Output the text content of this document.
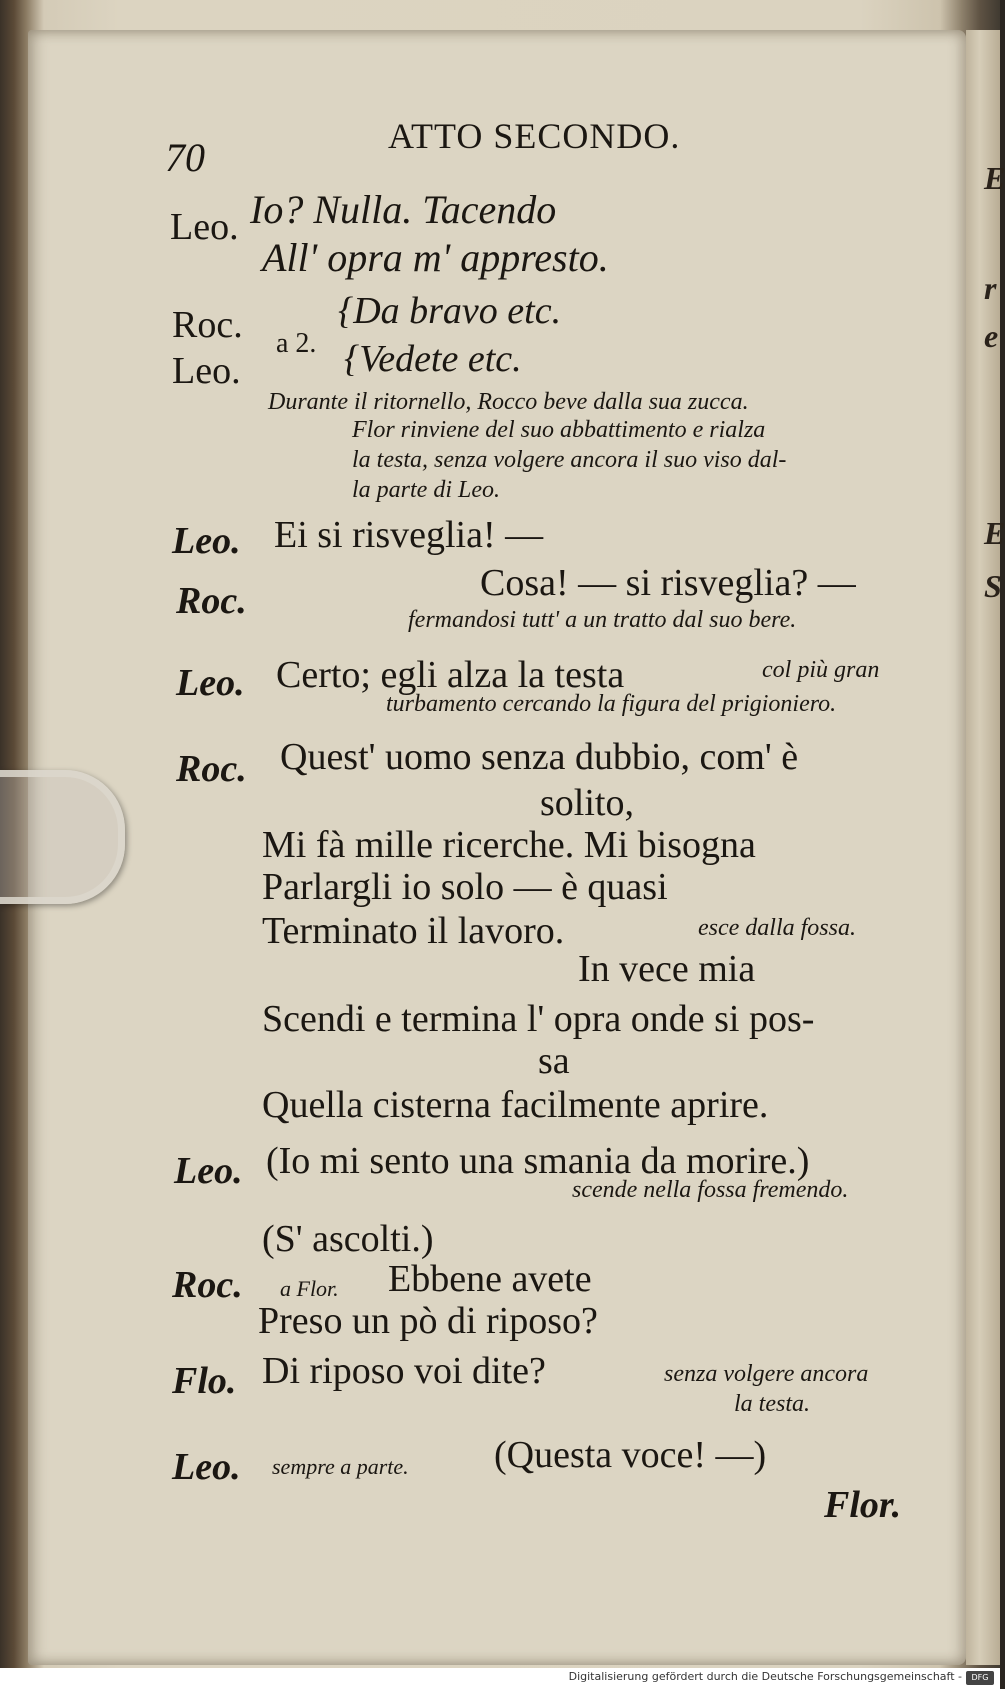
E
r
e
E
S
70	ATTO SECONDO.
Leo. Io? Nulla. Tacendo
All' opra m' appresto.
Roc. a 2.
{Da bravo etc.
Leo.	{Vedete etc.
Durante il ritornello, Rocco beve dalla sua zucca.
Flor rinviene del suo abbattimento e rialza
la testa, senza volgere ancora il suo viso dal-
la parte di Leo.
Leo. Ei si risveglia! —
Roc.	Cosa! — si risveglia? —
fermandosi tutt' a un tratto dal suo bere.
Leo. Certo; egli alza la testa	col più gran
turbamento cercando la figura del prigioniero.
Roc. Quest' uomo senza dubbio, com' è
solito,
Mi fà mille ricerche. Mi bisogna
Parlargli io solo — è quasi
Terminato il lavoro.	esce dalla fossa.
In vece mia
Scendi e termina l' opra onde si pos-
sa
Quella cisterna facilmente aprire.
Leo. (Io mi sento una smania da morire.)
scende nella fossa fremendo.
(S' ascolti.)
Roc. a Flor. Ebbene avete
Preso un pò di riposo?
Flo. Di riposo voi dite?	senza volgere ancora
la testa.
Leo. sempre a parte. (Questa voce! —)
Flor.
Digitalisierung gefördert durch die Deutsche Forschungsgemeinschaft -	DFG
